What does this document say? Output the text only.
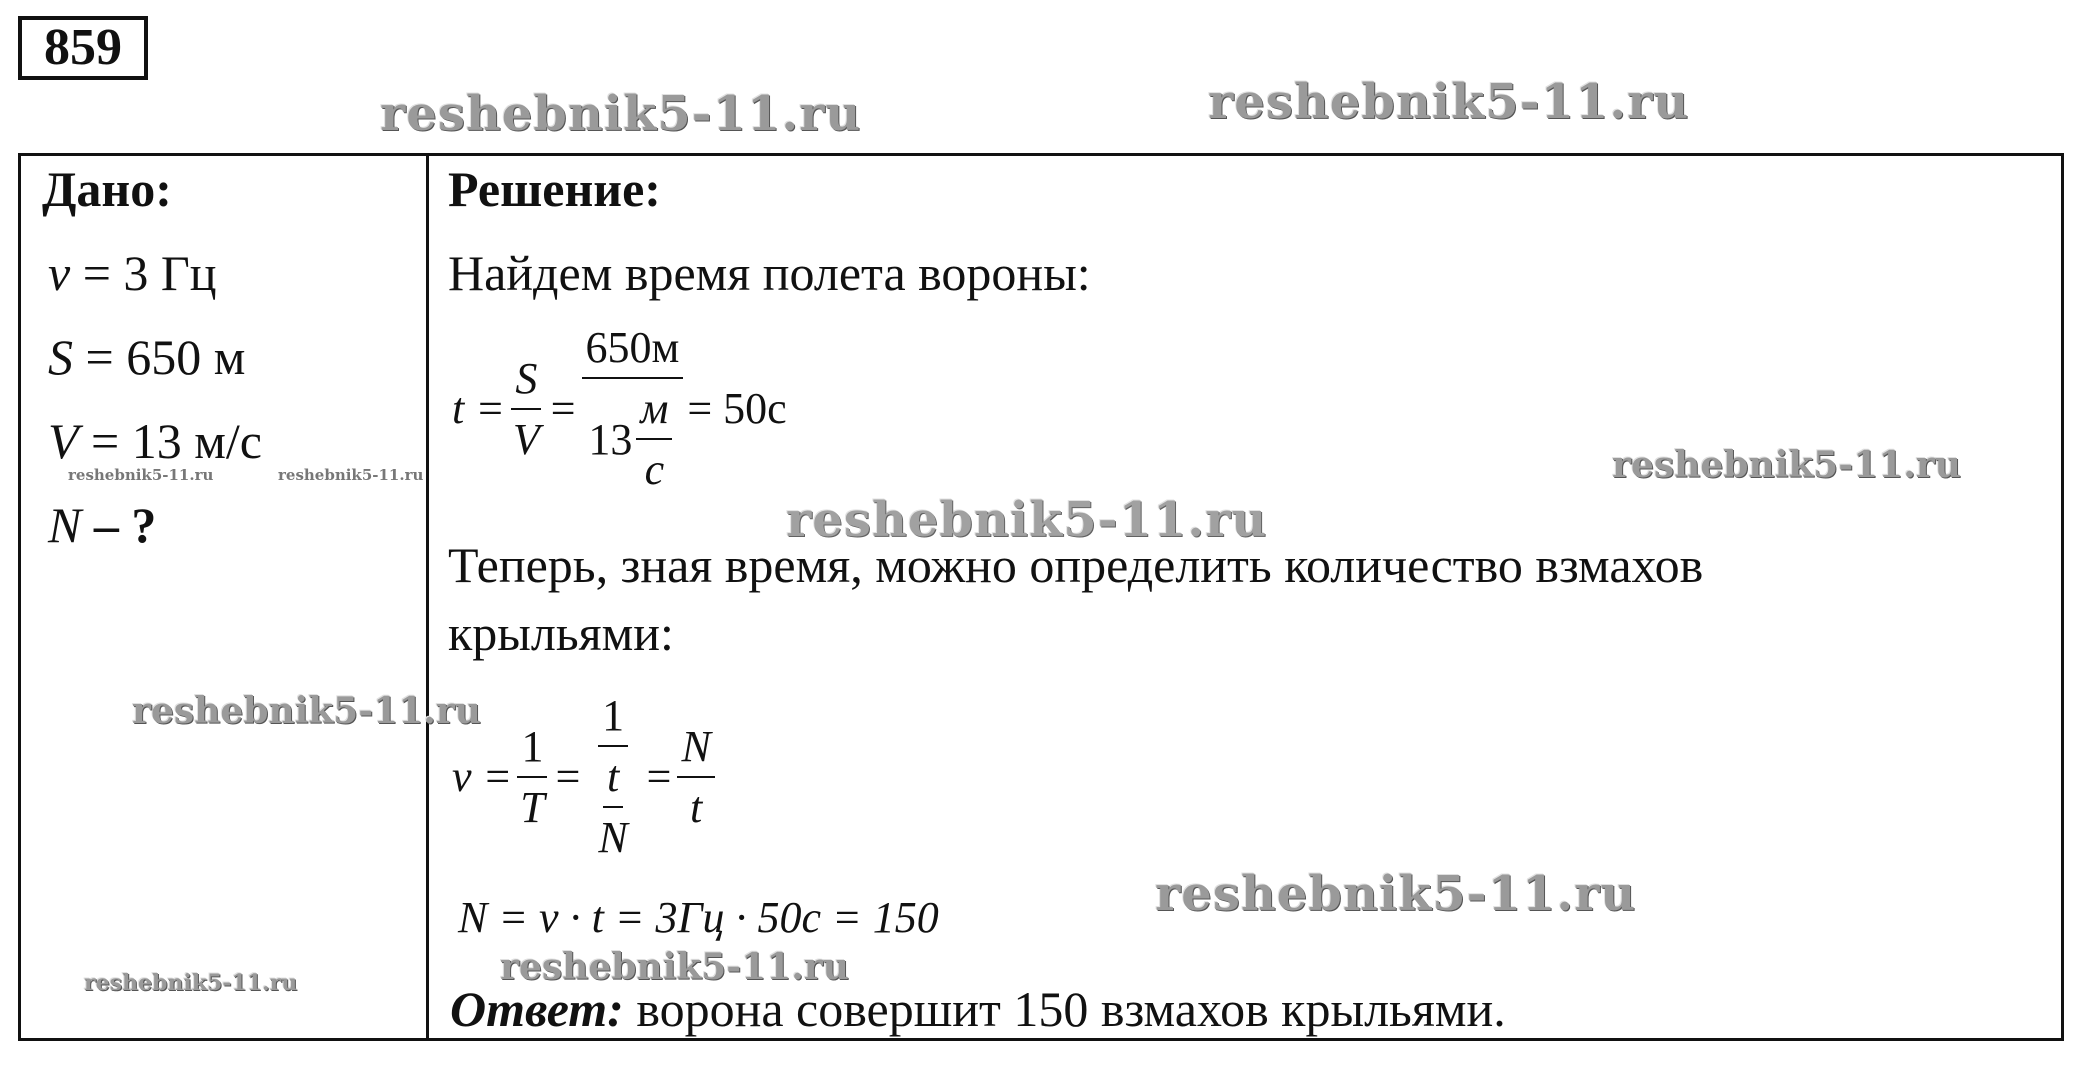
859
Дано:
ν = 3 Гц
S = 650 м
V = 13 м/с
N – ?
Решение:
Найдем время полета вороны:
$t = \frac{S}{V} = \frac{650м}{13 \frac{м}{с}} = 50с$
Теперь, зная время, можно определить количество взмахов
крыльями:
$\nu = \frac{1}{T} = \frac{1}{\frac{t}{N}} = \frac{N}{t}$
N = ν · t = 3Гц · 50с = 150
Ответ: ворона совершит 150 взмахов крыльями.
reshebnik5-11.ru	reshebnik5-11.ru
reshebnik5-11.ru
reshebnik5-11.ru
reshebnik5-11.ru
reshebnik5-11.ru
reshebnik5-11.ru
reshebnik5-11.ru
reshebnik5-11.ru	reshebnik5-11.ru
